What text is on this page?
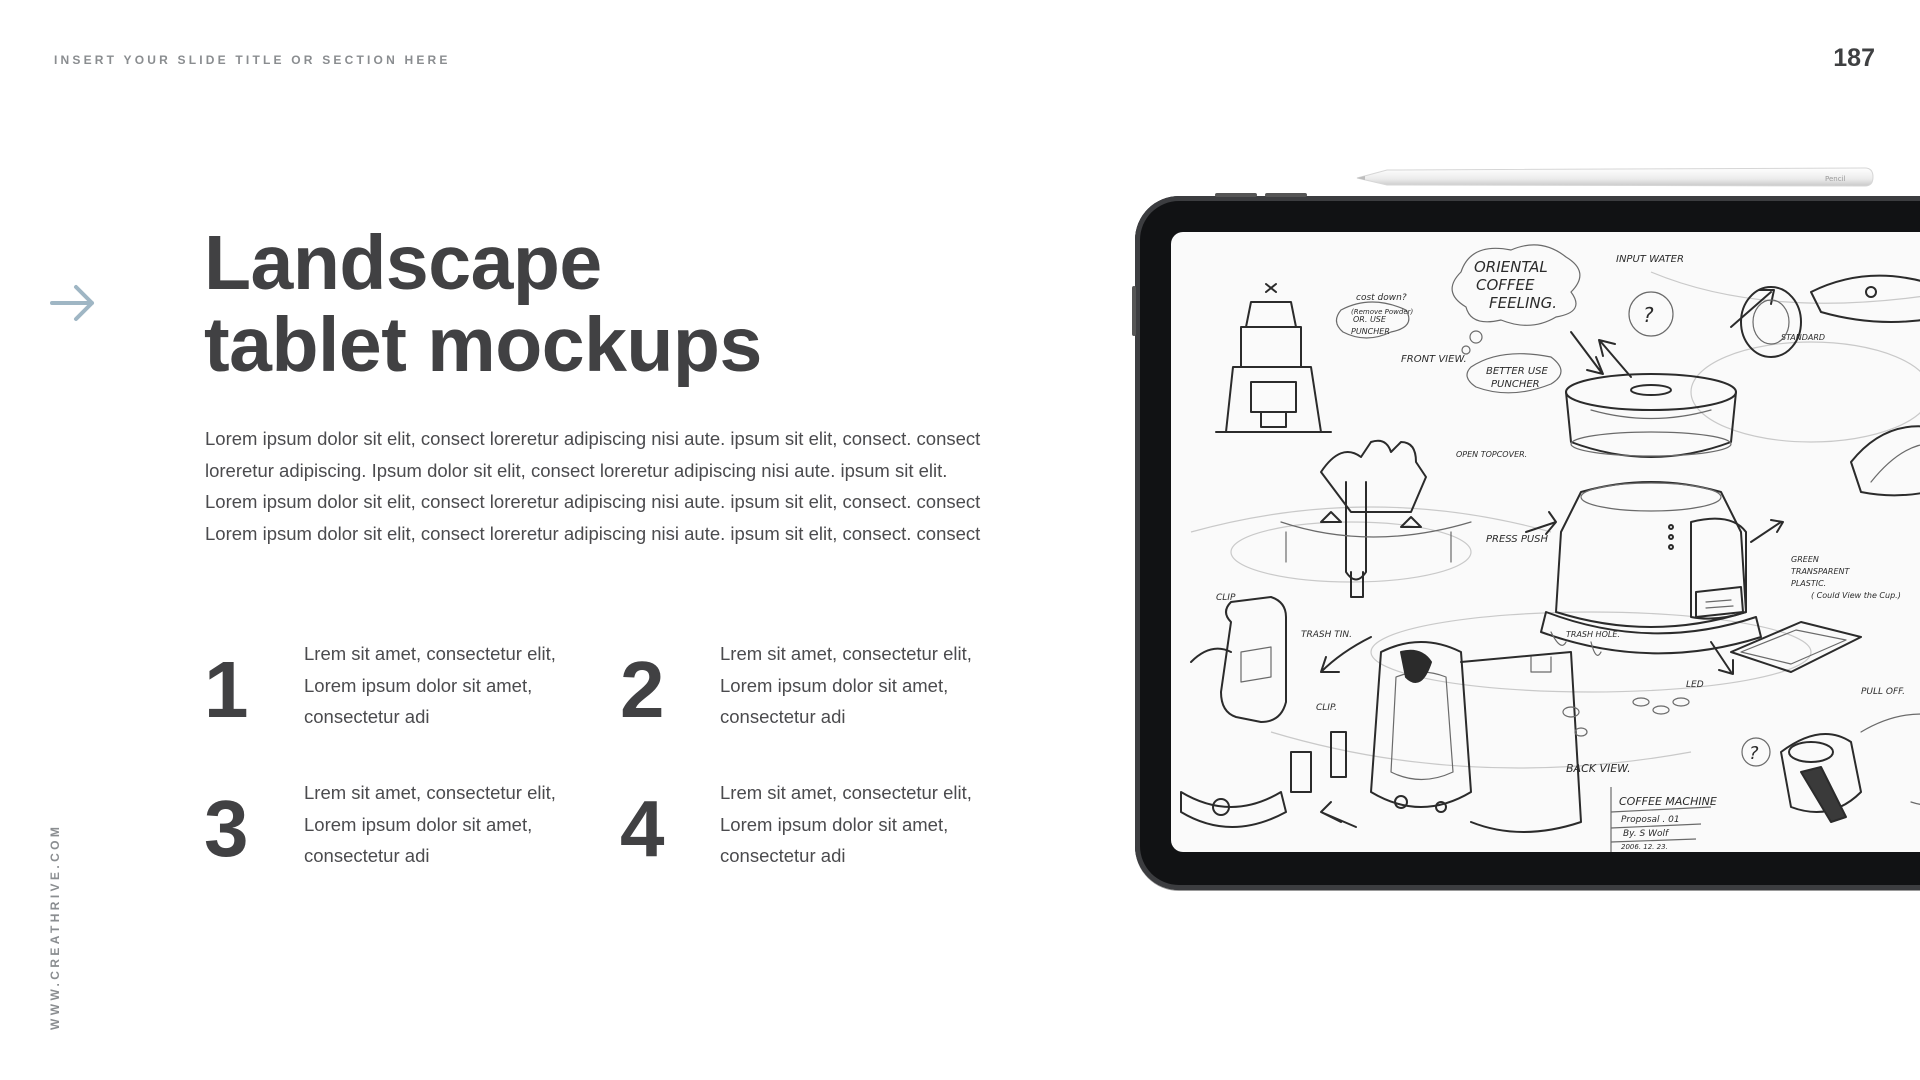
INSERT YOUR SLIDE TITLE OR SECTION HERE	187
WWW.CREATHRIVE.COM
Landscape
tablet mockups

Lorem ipsum dolor sit elit, consect loreretur adipiscing nisi aute. ipsum sit elit, consect. consect loreretur adipiscing. Ipsum dolor sit elit, consect loreretur adipiscing nisi aute. ipsum sit elit. Lorem ipsum dolor sit elit, consect loreretur adipiscing nisi aute. ipsum sit elit, consect. consect Lorem ipsum dolor sit elit, consect loreretur adipiscing nisi aute. ipsum sit elit, consect. consect

1	Lrem sit amet, consectetur elit, Lorem ipsum dolor sit amet, consectetur adi	2	Lrem sit amet, consectetur elit, Lorem ipsum dolor sit amet, consectetur adi

3	Lrem sit amet, consectetur elit, Lorem ipsum dolor sit amet, consectetur adi	4	Lrem sit amet, consectetur elit, Lorem ipsum dolor sit amet, consectetur adi

Pencil
ORIENTAL
COFFEE
FEELING.
INPUT WATER
cost down?
(Remove Powder)
OR. USE
PUNCHER
FRONT VIEW.
BETTER USE
PUNCHER
STANDARD
?
?
OPEN TOPCOVER.
PRESS PUSH
GREEN
TRANSPARENT
PLASTIC.
( Could View the Cup.)
CLIP
TRASH TIN.
CLIP.
TRASH HOLE.
LED
PULL OFF.
BACK VIEW.
COFFEE MACHINE
Proposal . 01
By. S Wolf
2006. 12. 23.
